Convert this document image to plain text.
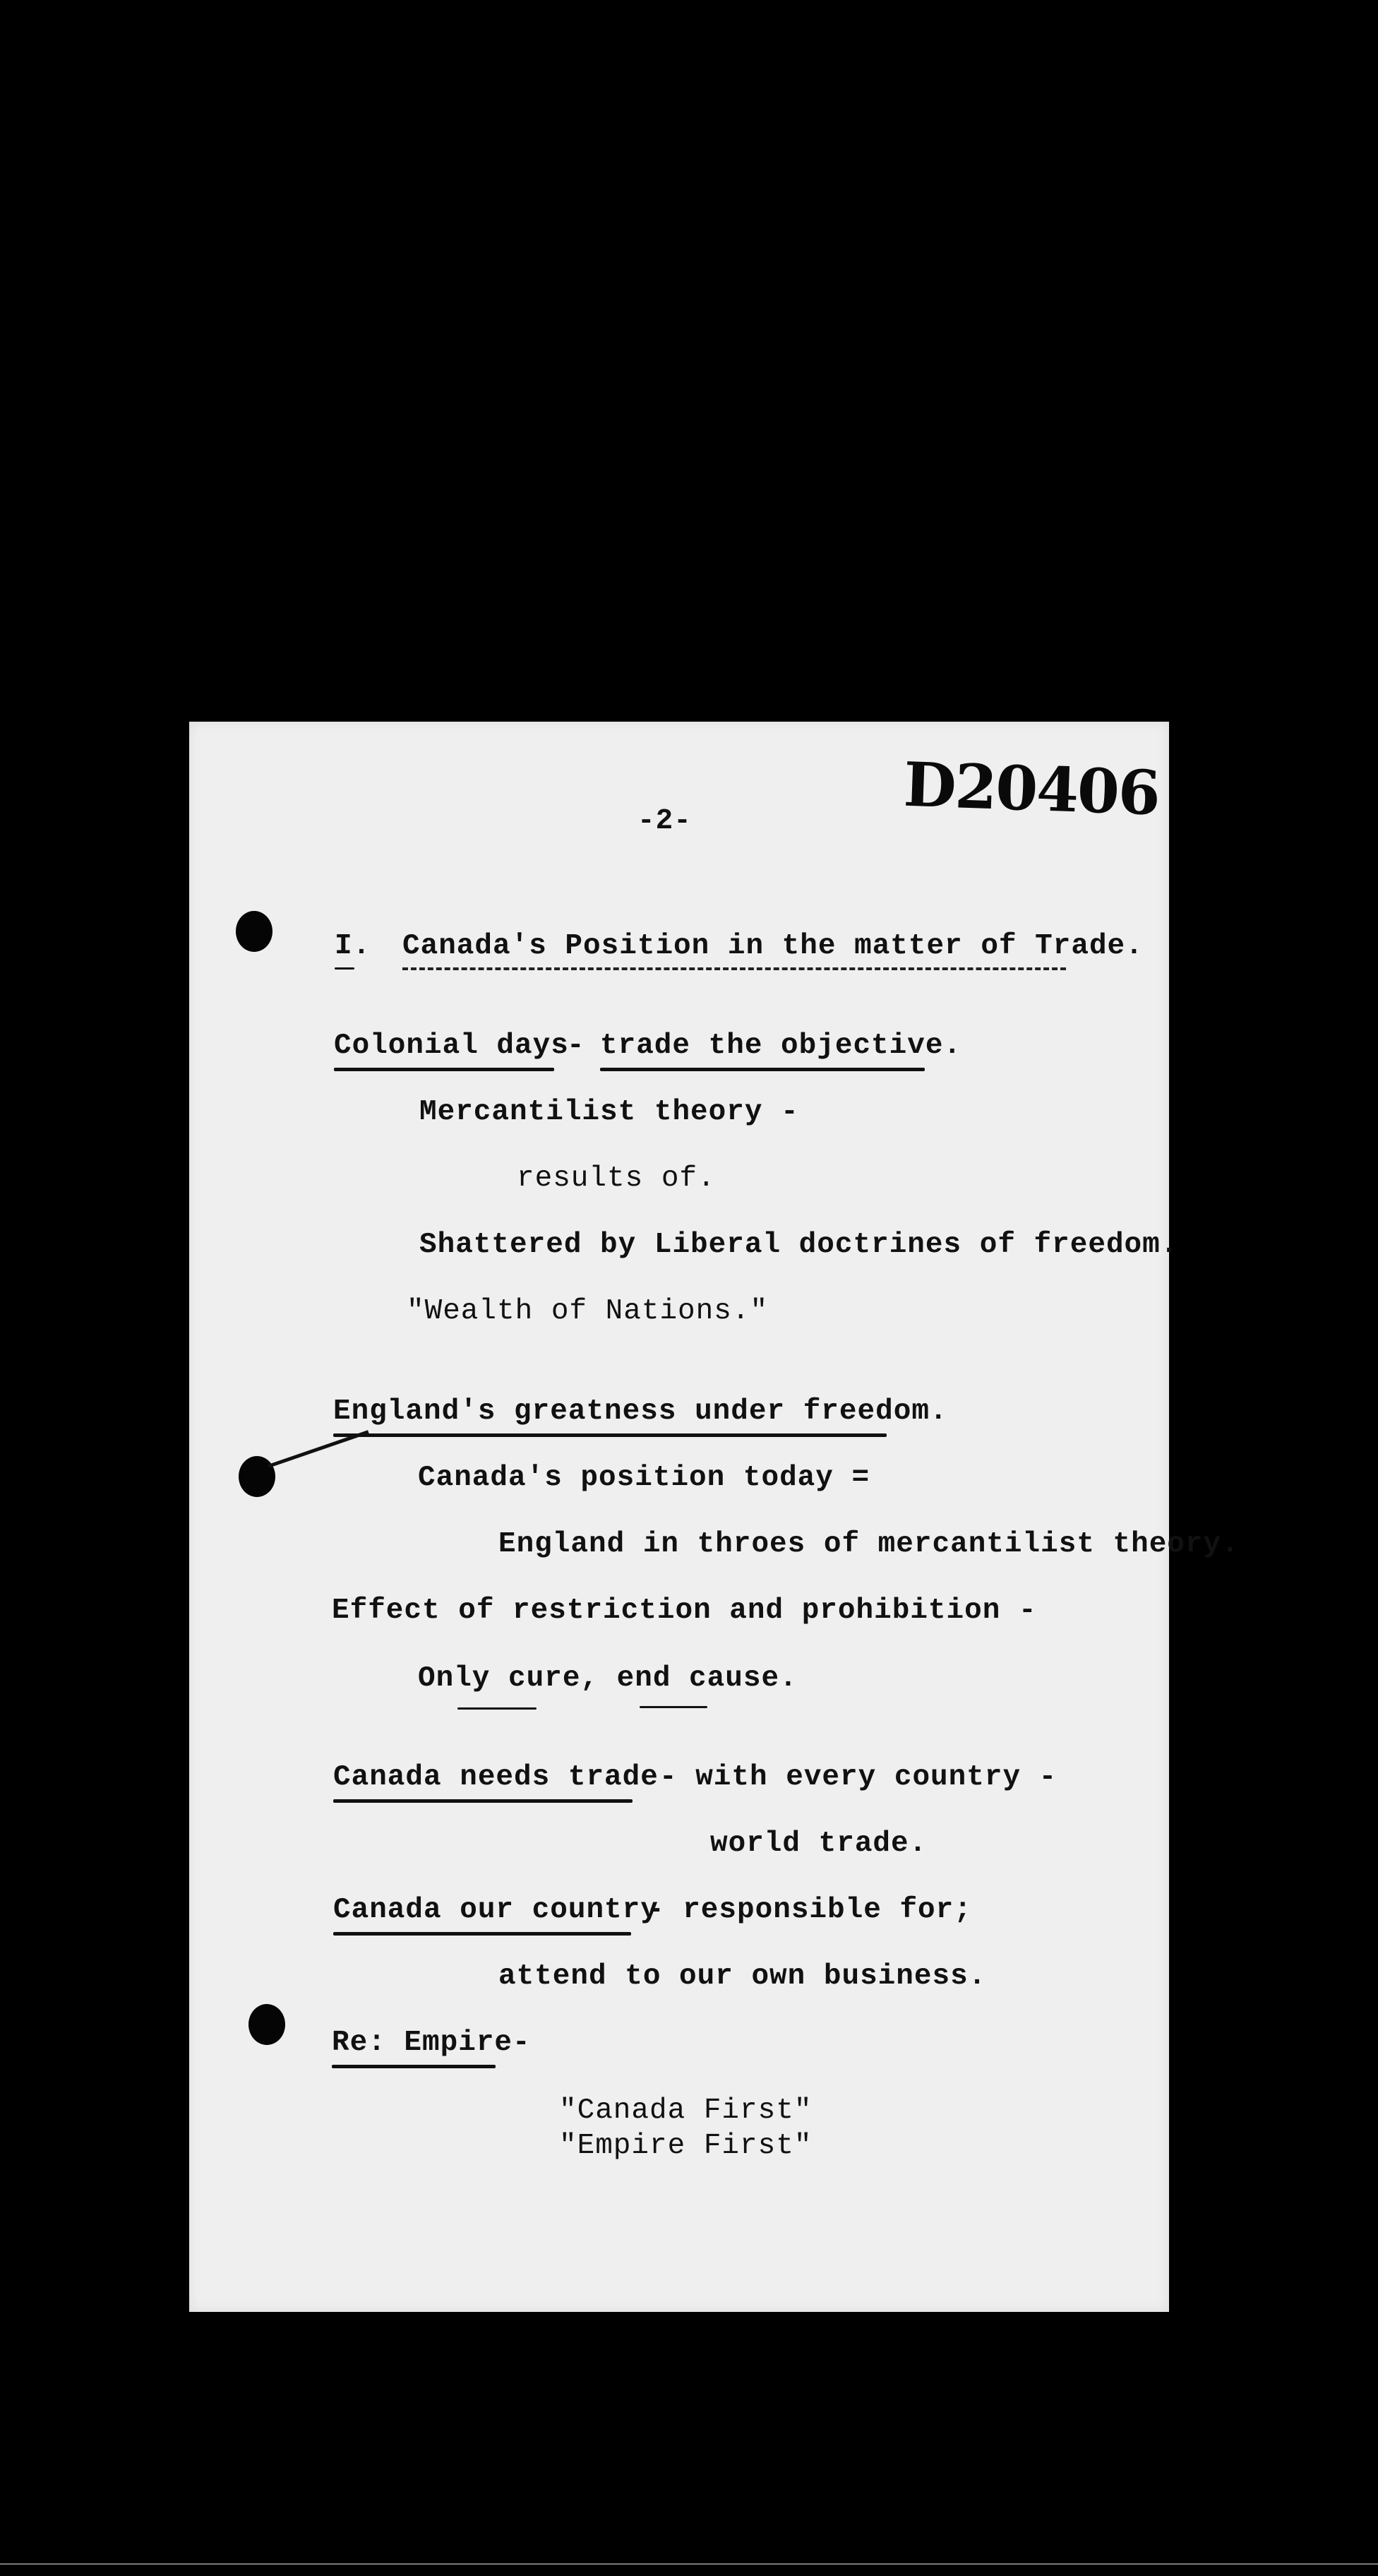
D20406
-2-
I. Canada's Position in the matter of Trade.
Colonial days
- trade the objective.
Mercantilist theory -
results of.
Shattered by Liberal doctrines of freedom.
"Wealth of Nations."
England's greatness under freedom.
Canada's position today =
England in throes of mercantilist theory.
Effect of restriction and prohibition -
Only cure, end cause.
Canada needs trade - with every country -
world trade.
Canada our country
- responsible for;
attend to our own business.
Re: Empire -
"Canada First"
"Empire First"
